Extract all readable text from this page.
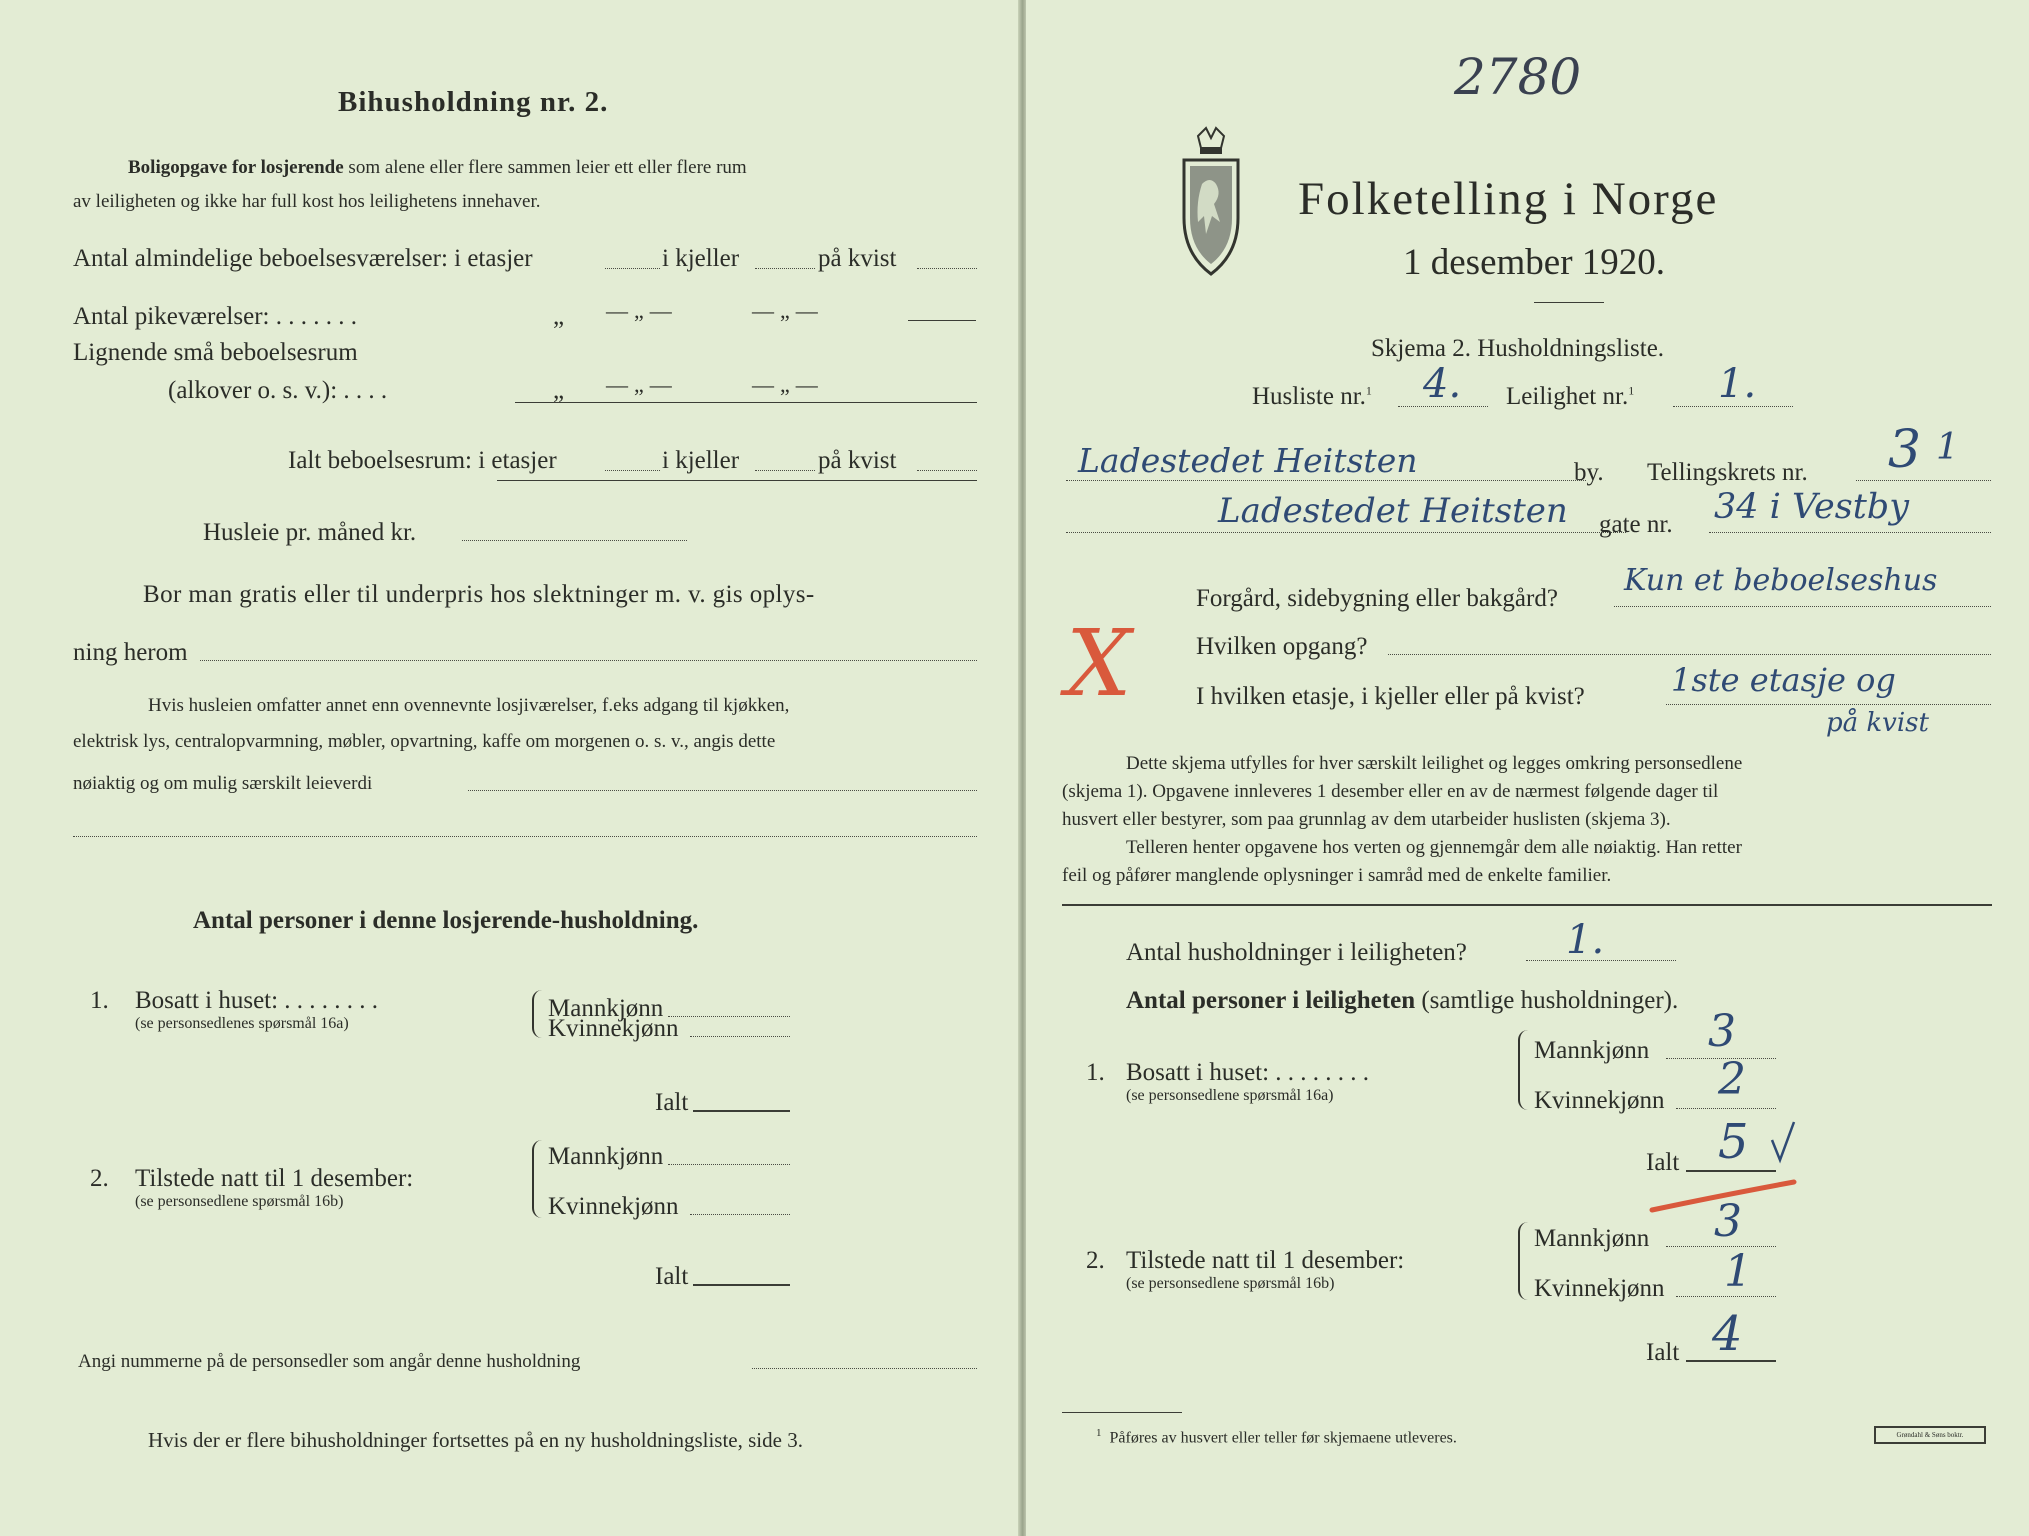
Bihusholdning nr. 2.
Boligopgave for losjerende som alene eller flere sammen leier ett eller flere rum
av leiligheten og ikke har full kost hos leilighetens innehaver.
Antal almindelige beboelsesværelser: i etasjer	i kjeller	på kvist
Antal pikeværelser: . . . . . . .	„ —„—	—„—
Lignende små beboelsesrum
(alkover o. s. v.): . . . .	„ —„—	—„—
Ialt beboelsesrum: i etasjer	i kjeller	på kvist
Husleie pr. måned kr.
Bor man gratis eller til underpris hos slektninger m. v. gis oplys-
ning herom
Hvis husleien omfatter annet enn ovennevnte losjiværelser, f.eks adgang til kjøkken,
elektrisk lys, centralopvarmning, møbler, opvartning, kaffe om morgenen o. s. v., angis dette
nøiaktig og om mulig særskilt leieverdi
Antal personer i denne losjerende-husholdning.
1. Bosatt i huset: . . . . . . . .
(se personsedlenes spørsmål 16a)
Mannkjønn
Kvinnekjønn
Ialt
2. Tilstede natt til 1 desember:
(se personsedlene spørsmål 16b)
Mannkjønn
Kvinnekjønn
Ialt
Angi nummerne på de personsedler som angår denne husholdning
Hvis der er flere bihusholdninger fortsettes på en ny husholdningsliste, side 3.
2780
Folketelling i Norge
1 desember 1920.
Skjema 2. Husholdningsliste.
Husliste nr.$^1$ 4. Leilighet nr.$^1$ 1.
Ladestedet Heitsten	by. Tellingskrets nr. 3 1
Ladestedet Heitsten gate nr. 34 i Vestby
Forgård, sidebygning eller bakgård?
Kun et beboelseshus
X	Hvilken opgang?
I hvilken etasje, i kjeller eller på kvist?	1ste etasje og
på kvist
Dette skjema utfylles for hver særskilt leilighet og legges omkring personsedlene
(skjema 1). Opgavene innleveres 1 desember eller en av de nærmest følgende dager til
husvert eller bestyrer, som paa grunnlag av dem utarbeider huslisten (skjema 3).
Telleren henter opgavene hos verten og gjennemgår dem alle nøiaktig. Han retter
feil og påfører manglende oplysninger i samråd med de enkelte familier.
Antal husholdninger i leiligheten? 1.
Antal personer i leiligheten (samtlige husholdninger).
1. Bosatt i huset: . . . . . . . .
(se personsedlene spørsmål 16a)
Mannkjønn 3
Kvinnekjønn 2
Ialt 5
2. Tilstede natt til 1 desember:
(se personsedlene spørsmål 16b)
Mannkjønn 3
Kvinnekjønn 1
Ialt 4
$^1$ Påføres av husvert eller teller før skjemaene utleveres.	Grøndahl & Søns boktr.
